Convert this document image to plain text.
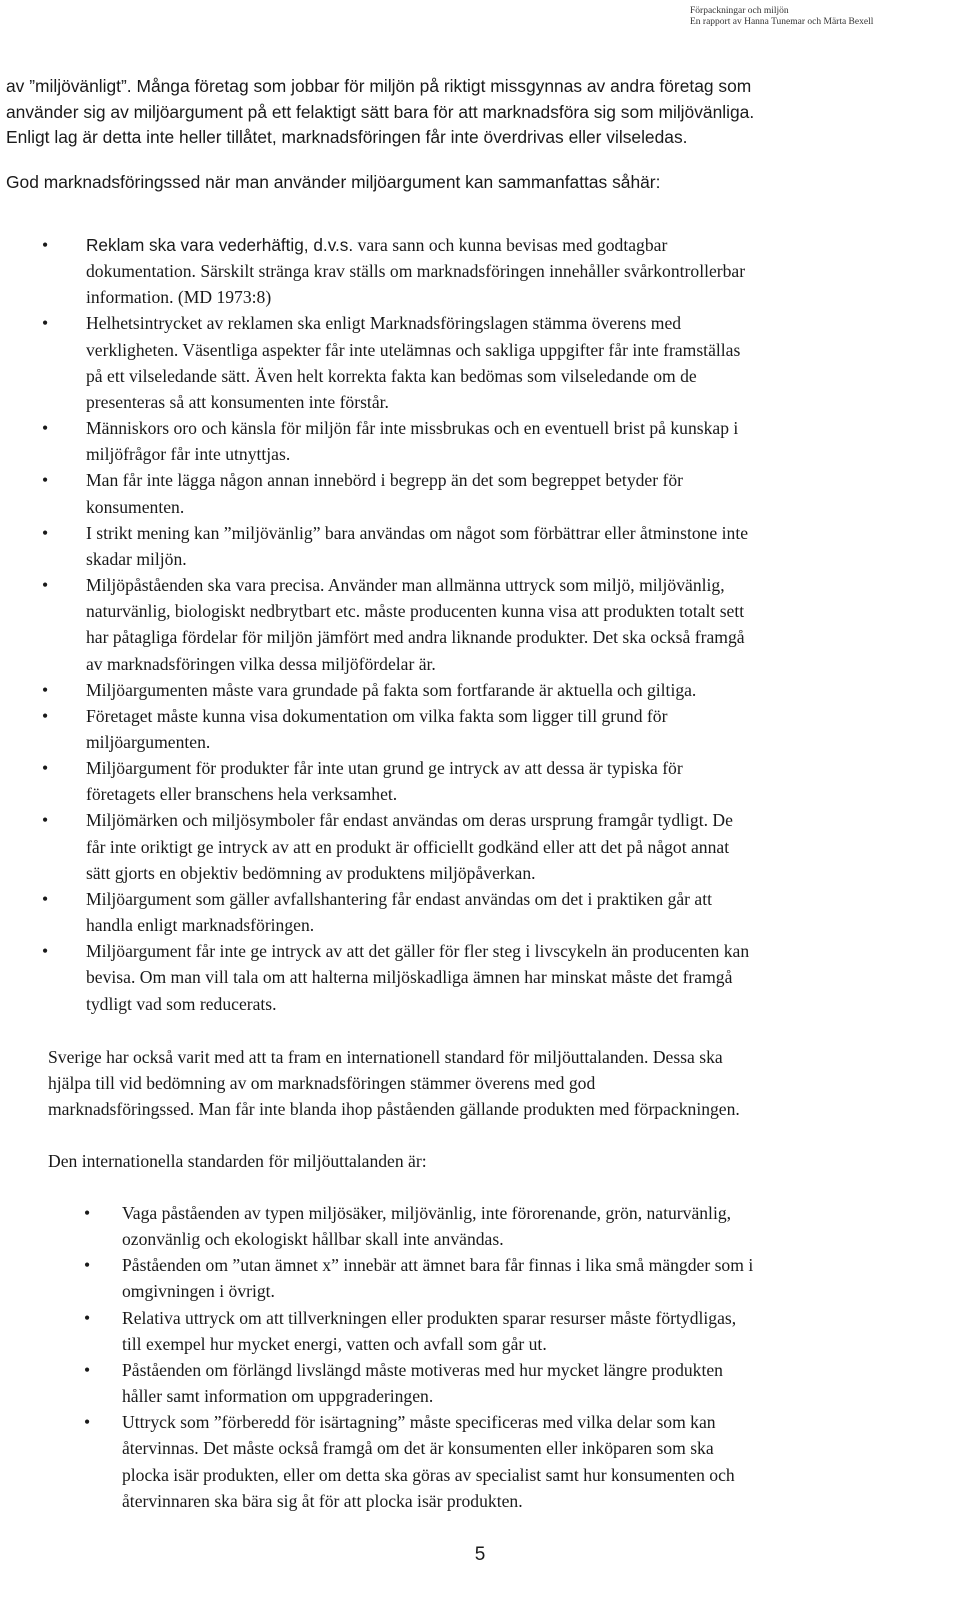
Förpackningar och miljön
En rapport av Hanna Tunemar och Märta Bexell

av ”miljövänligt”. Många företag som jobbar för miljön på riktigt missgynnas av andra företag som

använder sig av miljöargument på ett felaktigt sätt bara för att marknadsföra sig som miljövänliga.

Enligt lag är detta inte heller tillåtet, marknadsföringen får inte överdrivas eller vilseledas.

God marknadsföringssed när man använder miljöargument kan sammanfattas såhär:

• Reklam ska vara vederhäftig, d.v.s. vara sann och kunna bevisas med godtagbar
dokumentation. Särskilt stränga krav ställs om marknadsföringen innehåller svårkontrollerbar
information. (MD 1973:8)
• Helhetsintrycket av reklamen ska enligt Marknadsföringslagen stämma överens med
verkligheten. Väsentliga aspekter får inte utelämnas och sakliga uppgifter får inte framställas
på ett vilseledande sätt. Även helt korrekta fakta kan bedömas som vilseledande om de
presenteras så att konsumenten inte förstår.
• Människors oro och känsla för miljön får inte missbrukas och en eventuell brist på kunskap i
miljöfrågor får inte utnyttjas.
• Man får inte lägga någon annan innebörd i begrepp än det som begreppet betyder för
konsumenten.
• I strikt mening kan ”miljövänlig” bara användas om något som förbättrar eller åtminstone inte
skadar miljön.
• Miljöpåståenden ska vara precisa. Använder man allmänna uttryck som miljö, miljövänlig,
naturvänlig, biologiskt nedbrytbart etc. måste producenten kunna visa att produkten totalt sett
har påtagliga fördelar för miljön jämfört med andra liknande produkter. Det ska också framgå
av marknadsföringen vilka dessa miljöfördelar är.
• Miljöargumenten måste vara grundade på fakta som fortfarande är aktuella och giltiga.
• Företaget måste kunna visa dokumentation om vilka fakta som ligger till grund för
miljöargumenten.
• Miljöargument för produkter får inte utan grund ge intryck av att dessa är typiska för
företagets eller branschens hela verksamhet.
• Miljömärken och miljösymboler får endast användas om deras ursprung framgår tydligt. De
får inte oriktigt ge intryck av att en produkt är officiellt godkänd eller att det på något annat
sätt gjorts en objektiv bedömning av produktens miljöpåverkan.
• Miljöargument som gäller avfallshantering får endast användas om det i praktiken går att
handla enligt marknadsföringen.
• Miljöargument får inte ge intryck av att det gäller för fler steg i livscykeln än producenten kan
bevisa. Om man vill tala om att halterna miljöskadliga ämnen har minskat måste det framgå
tydligt vad som reducerats.

Sverige har också varit med att ta fram en internationell standard för miljöuttalanden. Dessa ska
hjälpa till vid bedömning av om marknadsföringen stämmer överens med god
marknadsföringssed. Man får inte blanda ihop påståenden gällande produkten med förpackningen.

Den internationella standarden för miljöuttalanden är:

• Vaga påståenden av typen miljösäker, miljövänlig, inte förorenande, grön, naturvänlig,
ozonvänlig och ekologiskt hållbar skall inte användas.
• Påståenden om ”utan ämnet x” innebär att ämnet bara får finnas i lika små mängder som i
omgivningen i övrigt.
• Relativa uttryck om att tillverkningen eller produkten sparar resurser måste förtydligas,
till exempel hur mycket energi, vatten och avfall som går ut.
• Påståenden om förlängd livslängd måste motiveras med hur mycket längre produkten
håller samt information om uppgraderingen.
• Uttryck som ”förberedd för isärtagning” måste specificeras med vilka delar som kan
återvinnas. Det måste också framgå om det är konsumenten eller inköparen som ska
plocka isär produkten, eller om detta ska göras av specialist samt hur konsumenten och
återvinnaren ska bära sig åt för att plocka isär produkten.
5
